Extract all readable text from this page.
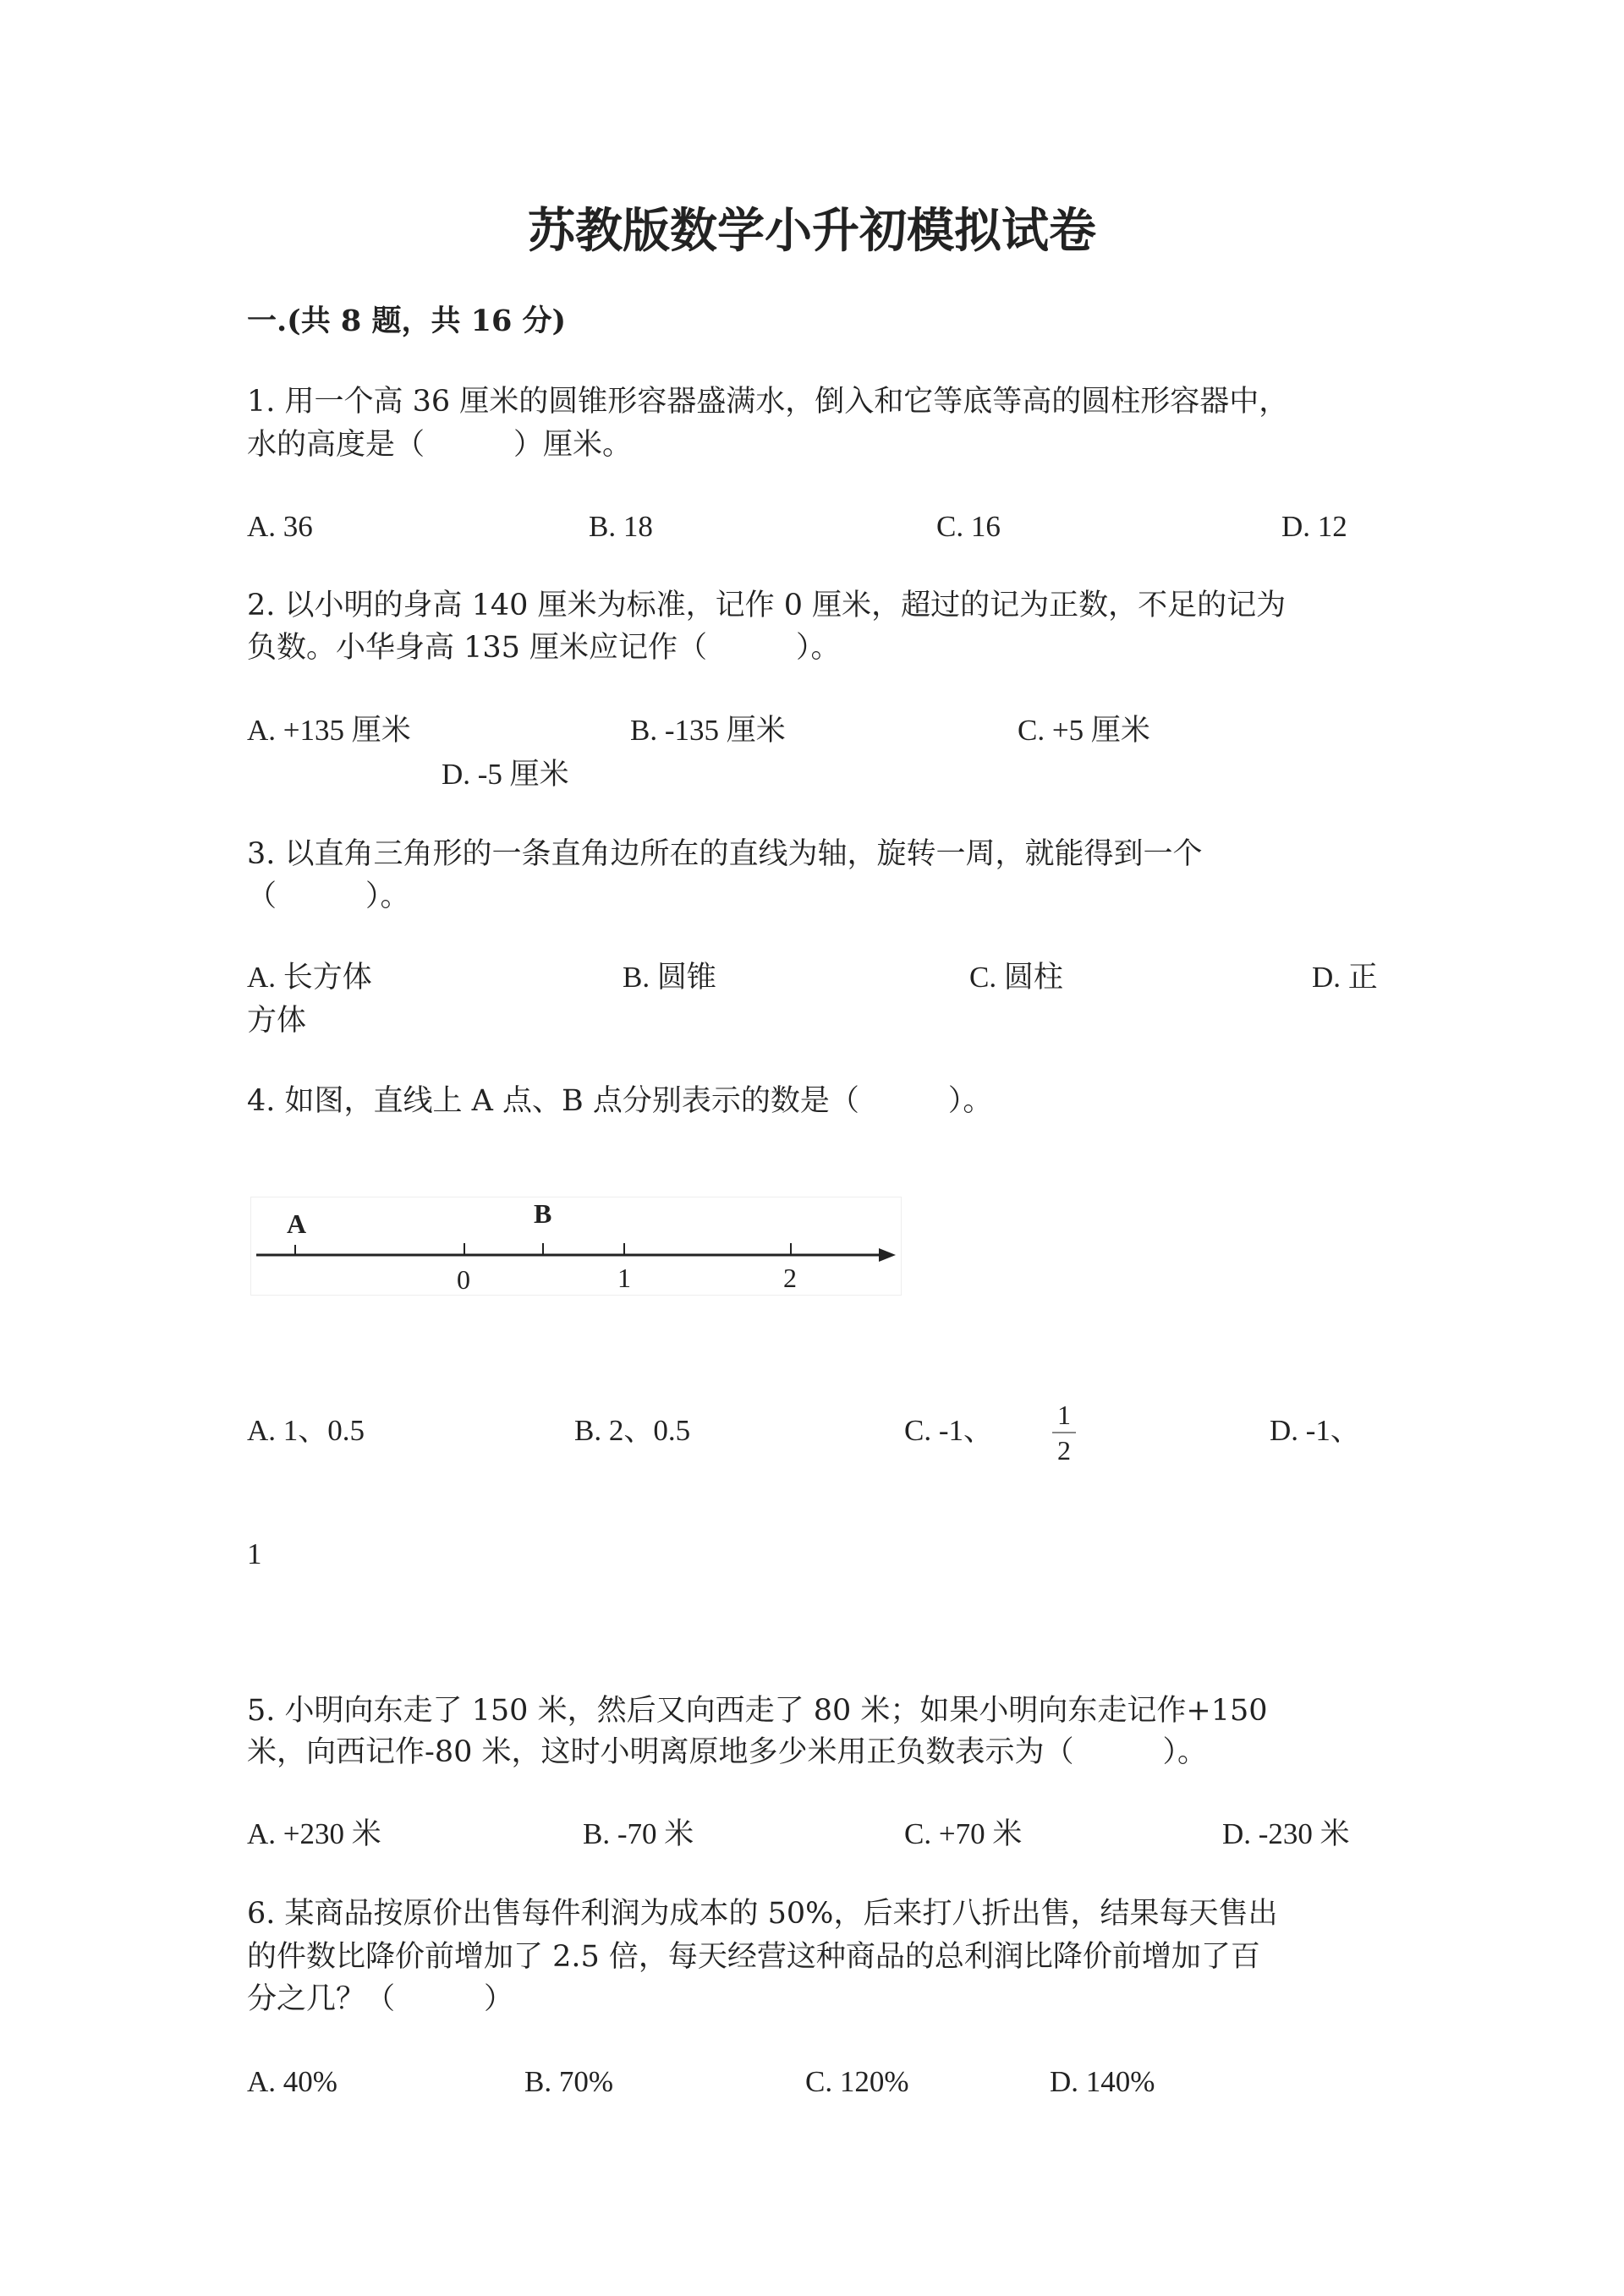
苏教版数学小升初模拟试卷
一.(共 8 题，共 16 分)
1. 用一个高 36 厘米的圆锥形容器盛满水，倒入和它等底等高的圆柱形容器中，
水的高度是（　　　）厘米。
A. 36	B. 18	C. 16	D. 12
2. 以小明的身高 140 厘米为标准，记作 0 厘米，超过的记为正数，不足的记为
负数。小华身高 135 厘米应记作（　　　）。
A. +135 厘米	B. -135 厘米	C. +5 厘米
D. -5 厘米
3. 以直角三角形的一条直角边所在的直线为轴，旋转一周，就能得到一个
（　　　）。
A. 长方体	B. 圆锥	C. 圆柱	D. 正
方体
4. 如图，直线上 A 点、B 点分别表示的数是（　　　）。
A	B
0	1	2
A. 1、0.5	B. 2、0.5	C. -1、	1
2
D. -1、
1
5. 小明向东走了 150 米，然后又向西走了 80 米；如果小明向东走记作+150
米，向西记作-80 米，这时小明离原地多少米用正负数表示为（　　　）。
A. +230 米	B. -70 米	C. +70 米	D. -230 米
6. 某商品按原价出售每件利润为成本的 50%，后来打八折出售，结果每天售出
的件数比降价前增加了 2.5 倍，每天经营这种商品的总利润比降价前增加了百
分之几？（　　　）
A. 40%	B. 70%	C. 120%	D. 140%
